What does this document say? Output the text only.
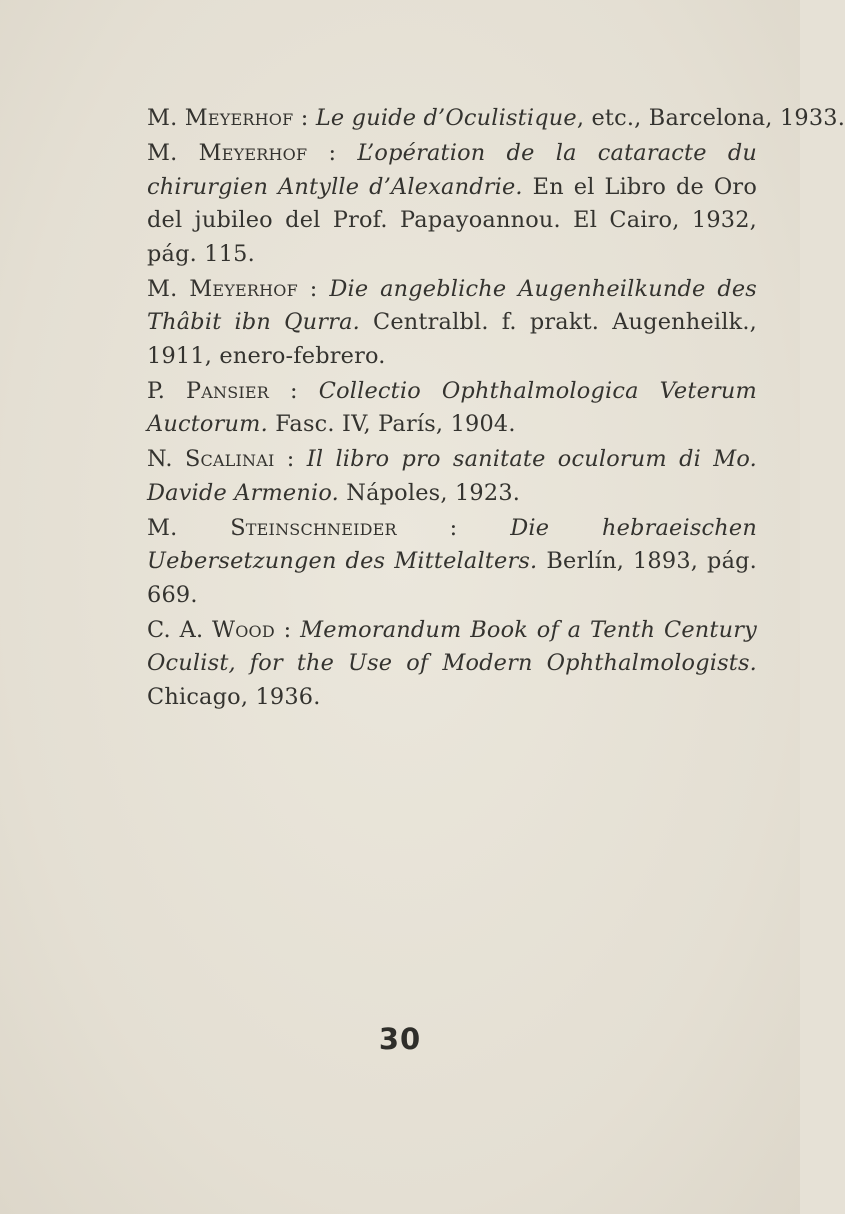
M. Meyerhof : Le guide d’Oculistique, etc., Barcelona, 1933.

M. Meyerhof : L’opération de la cataracte du chirurgien Antylle d’Alexandrie. En el Libro de Oro del jubileo del Prof. Papayoannou. El Cairo, 1932, pág. 115.

M. Meyerhof : Die angebliche Augenheilkunde des Thâbit ibn Qurra. Centralbl. f. prakt. Augenheilk., 1911, enero-febrero.

P. Pansier : Collectio Ophthalmologica Veterum Auctorum. Fasc. IV, París, 1904.

N. Scalinai : Il libro pro sanitate oculorum di Mo. Davide Armenio. Nápoles, 1923.

M. Steinschneider : Die hebraeischen Uebersetzungen des Mittelalters. Berlín, 1893, pág. 669.

C. A. Wood : Memorandum Book of a Tenth Century Oculist, for the Use of Modern Ophthalmologists. Chicago, 1936.

30
